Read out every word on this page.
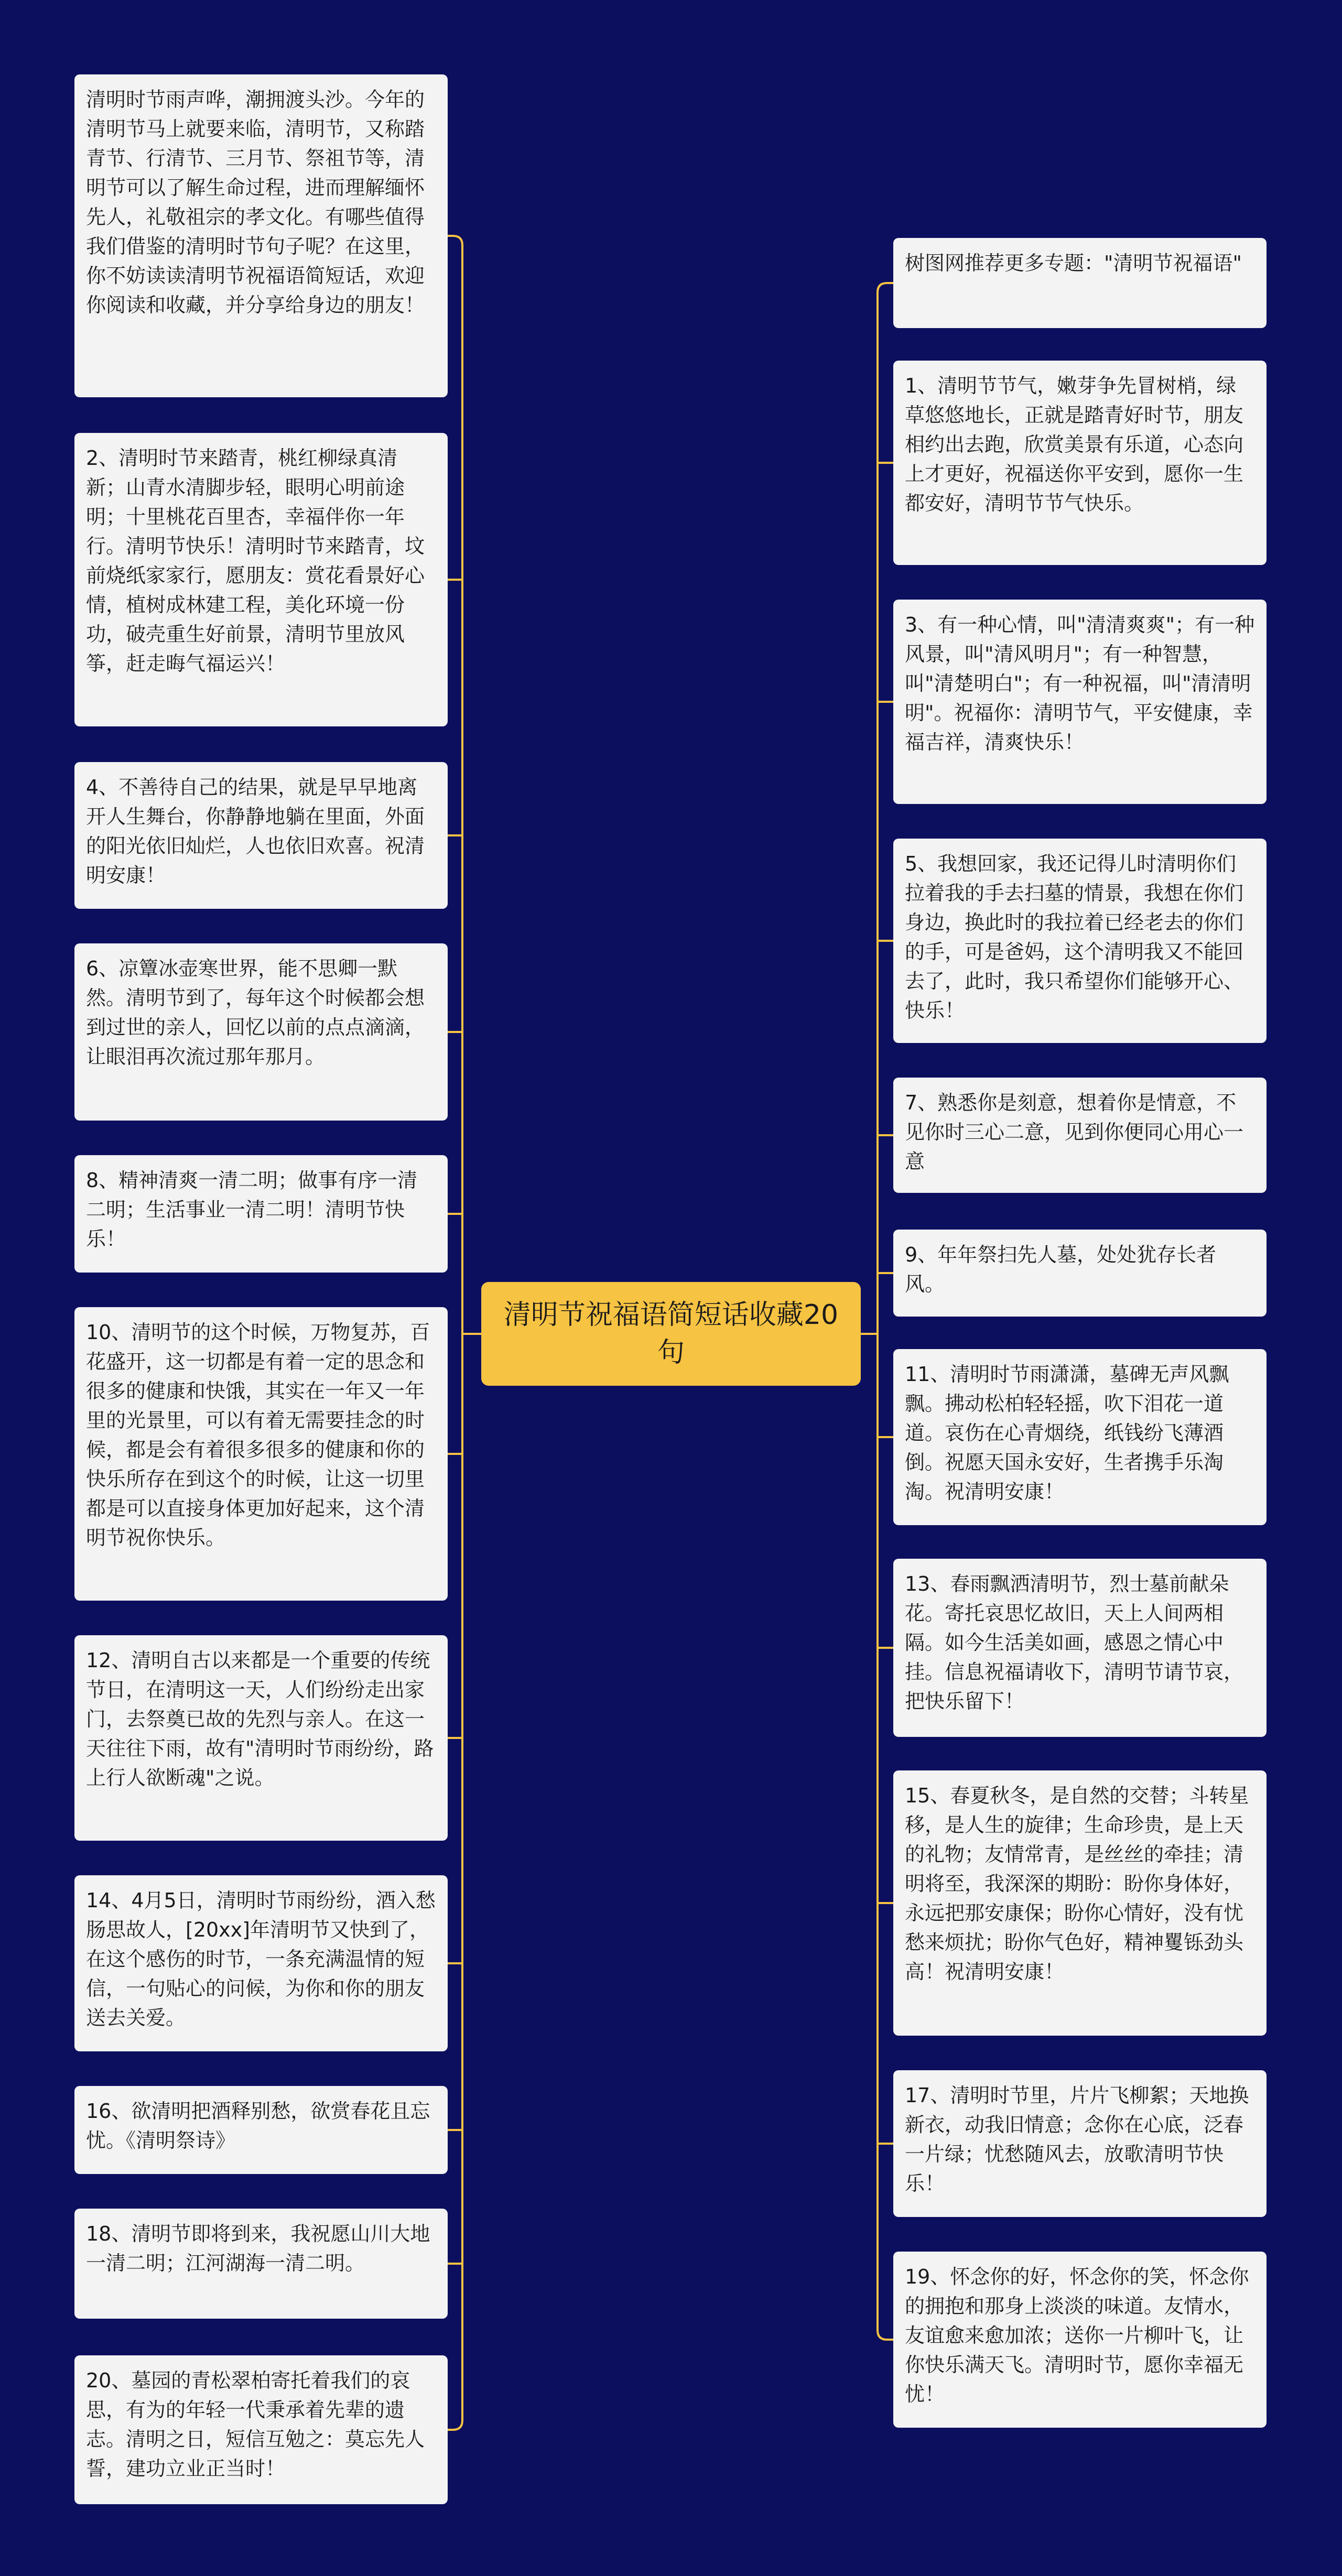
清明节祝福语简短话收藏20句
清明时节雨声哗，潮拥渡头沙。今年的清明节马上就要来临，清明节，又称踏青节、行清节、三月节、祭祖节等，清明节可以了解生命过程，进而理解缅怀先人，礼敬祖宗的孝文化。有哪些值得我们借鉴的清明时节句子呢？在这里，你不妨读读清明节祝福语简短话，欢迎你阅读和收藏，并分享给身边的朋友！
2、清明时节来踏青，桃红柳绿真清新；山青水清脚步轻，眼明心明前途明；十里桃花百里杏，幸福伴你一年行。清明节快乐！清明时节来踏青，坟前烧纸家家行，愿朋友：赏花看景好心情，植树成林建工程，美化环境一份功，破壳重生好前景，清明节里放风筝，赶走晦气福运兴！
4、不善待自己的结果，就是早早地离开人生舞台，你静静地躺在里面，外面的阳光依旧灿烂，人也依旧欢喜。祝清明安康！
6、凉簟冰壶寒世界，能不思卿一默然。清明节到了，每年这个时候都会想到过世的亲人，回忆以前的点点滴滴，让眼泪再次流过那年那月。
8、精神清爽一清二明；做事有序一清二明；生活事业一清二明！清明节快乐！
10、清明节的这个时候，万物复苏，百花盛开，这一切都是有着一定的思念和很多的健康和快饿，其实在一年又一年里的光景里，可以有着无需要挂念的时候，都是会有着很多很多的健康和你的快乐所存在到这个的时候，让这一切里都是可以直接身体更加好起来，这个清明节祝你快乐。
12、清明自古以来都是一个重要的传统节日，在清明这一天，人们纷纷走出家门，去祭奠已故的先烈与亲人。在这一天往往下雨，故有"清明时节雨纷纷，路上行人欲断魂"之说。
14、4月5日，清明时节雨纷纷，酒入愁肠思故人，[20xx]年清明节又快到了，在这个感伤的时节，一条充满温情的短信，一句贴心的问候，为你和你的朋友送去关爱。
16、欲清明把酒释别愁，欲赏春花且忘忧。《清明祭诗》
18、清明节即将到来，我祝愿山川大地一清二明；江河湖海一清二明。
20、墓园的青松翠柏寄托着我们的哀思，有为的年轻一代秉承着先辈的遗志。清明之日，短信互勉之：莫忘先人誓，建功立业正当时！
树图网推荐更多专题："清明节祝福语"
1、清明节节气，嫩芽争先冒树梢，绿草悠悠地长，正就是踏青好时节，朋友相约出去跑，欣赏美景有乐道，心态向上才更好，祝福送你平安到，愿你一生都安好，清明节节气快乐。
3、有一种心情，叫"清清爽爽"；有一种风景，叫"清风明月"；有一种智慧，叫"清楚明白"；有一种祝福，叫"清清明明"。祝福你：清明节气，平安健康，幸福吉祥，清爽快乐！
5、我想回家，我还记得儿时清明你们拉着我的手去扫墓的情景，我想在你们身边，换此时的我拉着已经老去的你们的手，可是爸妈，这个清明我又不能回去了，此时，我只希望你们能够开心、快乐！
7、熟悉你是刻意，想着你是情意，不见你时三心二意，见到你便同心用心一意
9、年年祭扫先人墓，处处犹存长者风。
11、清明时节雨潇潇，墓碑无声风飘飘。拂动松柏轻轻摇，吹下泪花一道道。哀伤在心青烟绕，纸钱纷飞薄酒倒。祝愿天国永安好，生者携手乐淘淘。祝清明安康！
13、春雨飘洒清明节，烈士墓前献朵花。寄托哀思忆故旧，天上人间两相隔。如今生活美如画，感恩之情心中挂。信息祝福请收下，清明节请节哀，把快乐留下！
15、春夏秋冬，是自然的交替；斗转星移，是人生的旋律；生命珍贵，是上天的礼物；友情常青，是丝丝的牵挂；清明将至，我深深的期盼：盼你身体好，永远把那安康保；盼你心情好，没有忧愁来烦扰；盼你气色好，精神矍铄劲头高！祝清明安康！
17、清明时节里，片片飞柳絮；天地换新衣，动我旧情意；念你在心底，泛春一片绿；忧愁随风去，放歌清明节快乐！
19、怀念你的好，怀念你的笑，怀念你的拥抱和那身上淡淡的味道。友情水，友谊愈来愈加浓；送你一片柳叶飞，让你快乐满天飞。清明时节，愿你幸福无忧！
